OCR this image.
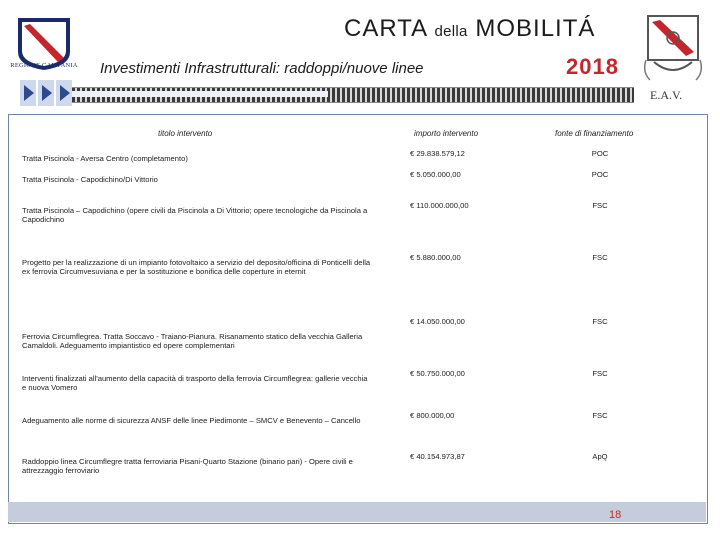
REGIONE CAMPANIA
CARTA della MOBILITÁ
Investimenti Infrastrutturali: raddoppi/nuove linee	2018
E.A.V.
titolo intervento	importo intervento	fonte di finanziamento
Tratta Piscinola - Aversa Centro (completamento)
€ 29.838.579,12	POC
Tratta Piscinola - Capodichino/Di Vittorio
€ 5.050.000,00	POC
Tratta Piscinola – Capodichino (opere civili da Piscinola a Di Vittorio; opere tecnologiche da Piscinola a Capodichino
€ 110.000.000,00	FSC
Progetto per la realizzazione di un impianto fotovoltaico a servizio del deposito/officina di Ponticelli della ex ferrovia Circumvesuviana e per la sostituzione e bonifica delle coperture in eternit
€ 5.880.000,00	FSC
Ferrovia Circumflegrea. Tratta Soccavo - Traiano-Pianura. Risanamento statico della vecchia Galleria Camaldoli. Adeguamento impiantistico ed opere complementari
€ 14.050.000,00	FSC
Interventi finalizzati all'aumento della capacità di trasporto della ferrovia Circumflegrea: gallerie vecchia e nuova Vomero
€ 50.750.000,00	FSC
Adeguamento alle norme di sicurezza ANSF delle linee Piedimonte – SMCV e Benevento – Cancello
€ 800.000,00	FSC
Raddoppio linea Circumflegre tratta ferroviaria Pisani-Quarto Stazione (binario pari) - Opere civili e attrezzaggio ferroviario
€ 40.154.973,87	ApQ
18
